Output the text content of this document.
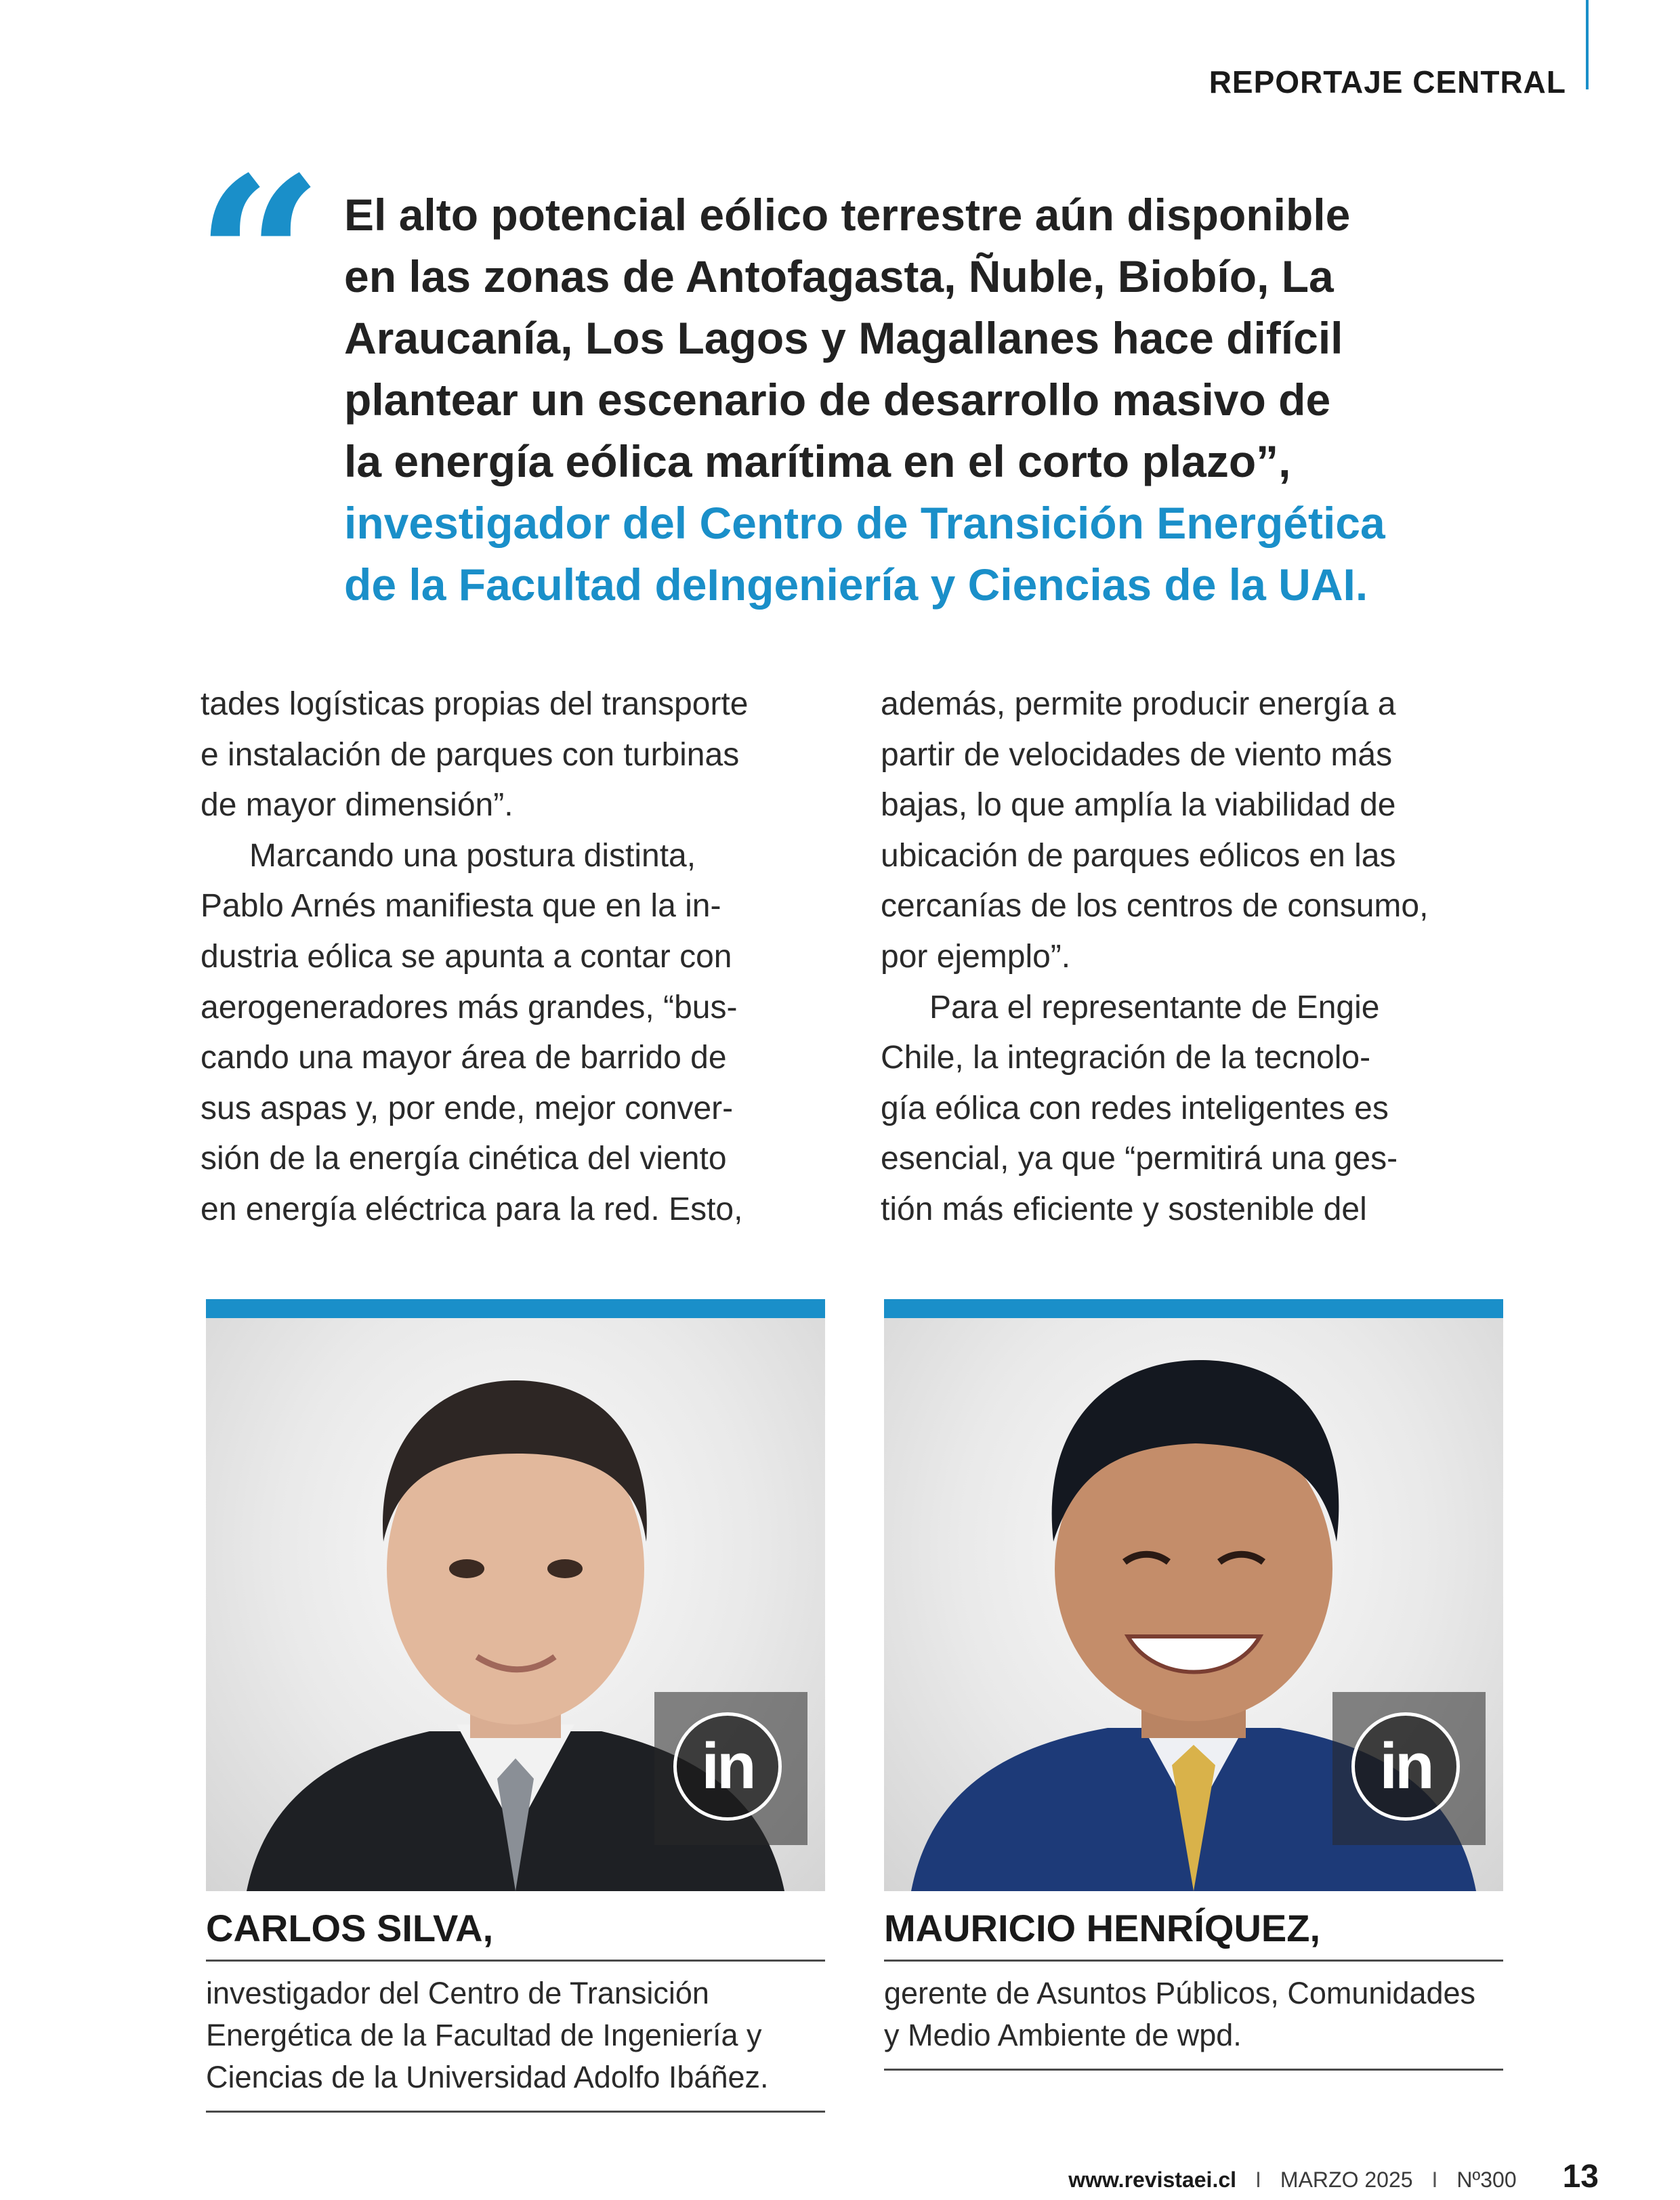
REPORTAJE CENTRAL
“ El alto potencial eólico terrestre aún disponible
en las zonas de Antofagasta, Ñuble, Biobío, La
Araucanía, Los Lagos y Magallanes hace difícil
plantear un escenario de desarrollo masivo de
la energía eólica marítima en el corto plazo”,
investigador del Centro de Transición Energética
de la Facultad deIngeniería y Ciencias de la UAI.
tades logísticas propias del transporte
e instalación de parques con turbinas
de mayor dimensión”.
Marcando una postura distinta,
Pablo Arnés manifiesta que en la in-
dustria eólica se apunta a contar con
aerogeneradores más grandes, “bus-
cando una mayor área de barrido de
sus aspas y, por ende, mejor conver-
sión de la energía cinética del viento
en energía eléctrica para la red. Esto,
además, permite producir energía a
partir de velocidades de viento más
bajas, lo que amplía la viabilidad de
ubicación de parques eólicos en las
cercanías de los centros de consumo,
por ejemplo”.
Para el representante de Engie
Chile, la integración de la tecnolo-
gía eólica con redes inteligentes es
esencial, ya que “permitirá una ges-
tión más eficiente y sostenible del
in
CARLOS SILVA,
investigador del Centro de Transición
Energética de la Facultad de Ingeniería y
Ciencias de la Universidad Adolfo Ibáñez.
in
MAURICIO HENRÍQUEZ,
gerente de Asuntos Públicos, Comunidades
y Medio Ambiente de wpd.
www.revistaei.cl I MARZO 2025 I Nº300 13
